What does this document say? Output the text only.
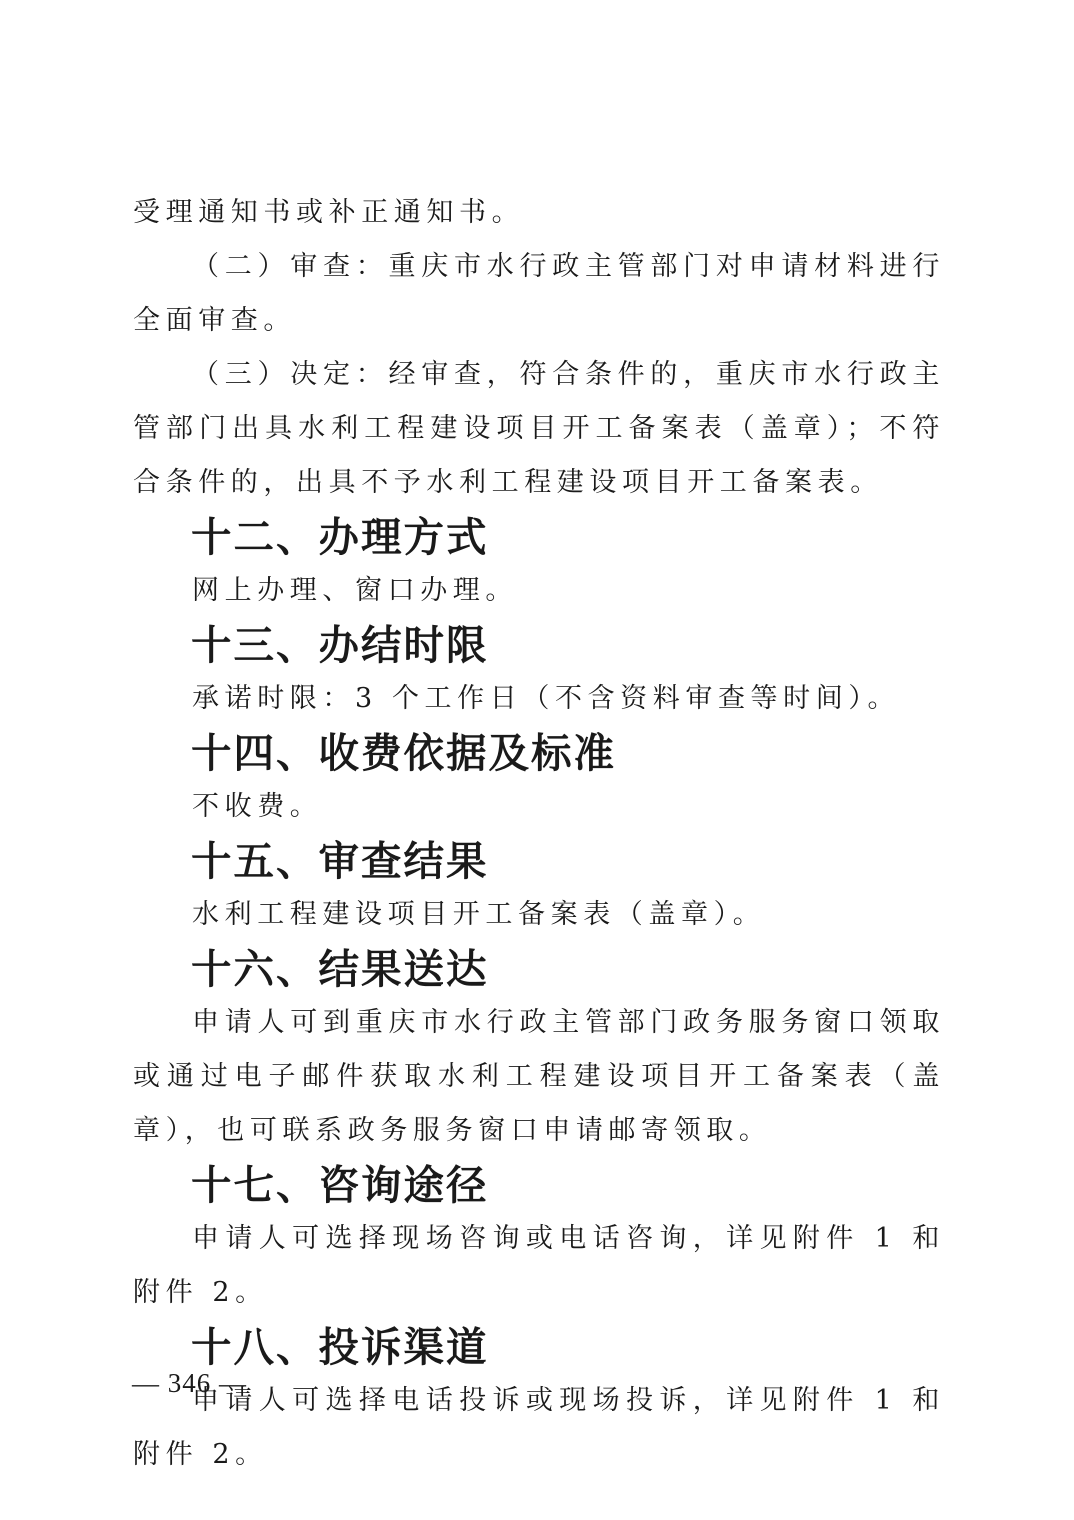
受理通知书或补正通知书。

（二）审查：重庆市水行政主管部门对申请材料进行全面审查。

（三）决定：经审查，符合条件的，重庆市水行政主管部门出具水利工程建设项目开工备案表（盖章）；不符合条件的，出具不予水利工程建设项目开工备案表。

十二、办理方式

网上办理、窗口办理。

十三、办结时限

承诺时限：3 个工作日（不含资料审查等时间）。

十四、收费依据及标准

不收费。

十五、审查结果

水利工程建设项目开工备案表（盖章）。

十六、结果送达

申请人可到重庆市水行政主管部门政务服务窗口领取或通过电子邮件获取水利工程建设项目开工备案表（盖章），也可联系政务服务窗口申请邮寄领取。

十七、咨询途径

申请人可选择现场咨询或电话咨询，详见附件 1 和附件 2。

十八、投诉渠道

申请人可选择电话投诉或现场投诉，详见附件 1 和附件 2。

— 346 —
